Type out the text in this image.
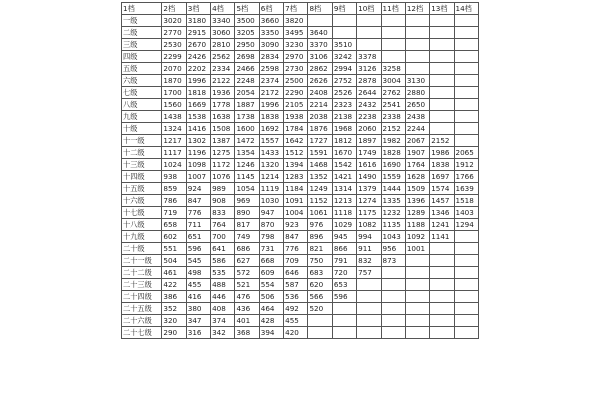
1档	2档	3档	4档	5档	6档	7档	8档	9档	10档	11档	12档	13档	14档
一级	3020	3180	3340	3500	3660	3820							
二级	2770	2915	3060	3205	3350	3495	3640						
三级	2530	2670	2810	2950	3090	3230	3370	3510					
四级	2299	2426	2562	2698	2834	2970	3106	3242	3378				
五级	2070	2202	2334	2466	2598	2730	2862	2994	3126	3258			
六级	1870	1996	2122	2248	2374	2500	2626	2752	2878	3004	3130		
七级	1700	1818	1936	2054	2172	2290	2408	2526	2644	2762	2880		
八级	1560	1669	1778	1887	1996	2105	2214	2323	2432	2541	2650		
九级	1438	1538	1638	1738	1838	1938	2038	2138	2238	2338	2438		
十级	1324	1416	1508	1600	1692	1784	1876	1968	2060	2152	2244		
十一级	1217	1302	1387	1472	1557	1642	1727	1812	1897	1982	2067	2152	
十二级	1117	1196	1275	1354	1433	1512	1591	1670	1749	1828	1907	1986	2065
十三级	1024	1098	1172	1246	1320	1394	1468	1542	1616	1690	1764	1838	1912
十四级	938	1007	1076	1145	1214	1283	1352	1421	1490	1559	1628	1697	1766
十五级	859	924	989	1054	1119	1184	1249	1314	1379	1444	1509	1574	1639
十六级	786	847	908	969	1030	1091	1152	1213	1274	1335	1396	1457	1518
十七级	719	776	833	890	947	1004	1061	1118	1175	1232	1289	1346	1403
十八级	658	711	764	817	870	923	976	1029	1082	1135	1188	1241	1294
十九级	602	651	700	749	798	847	896	945	994	1043	1092	1141	
二十级	551	596	641	686	731	776	821	866	911	956	1001		
二十一级	504	545	586	627	668	709	750	791	832	873			
二十二级	461	498	535	572	609	646	683	720	757				
二十三级	422	455	488	521	554	587	620	653					
二十四级	386	416	446	476	506	536	566	596					
二十五级	352	380	408	436	464	492	520						
二十六级	320	347	374	401	428	455							
二十七级	290	316	342	368	394	420							
